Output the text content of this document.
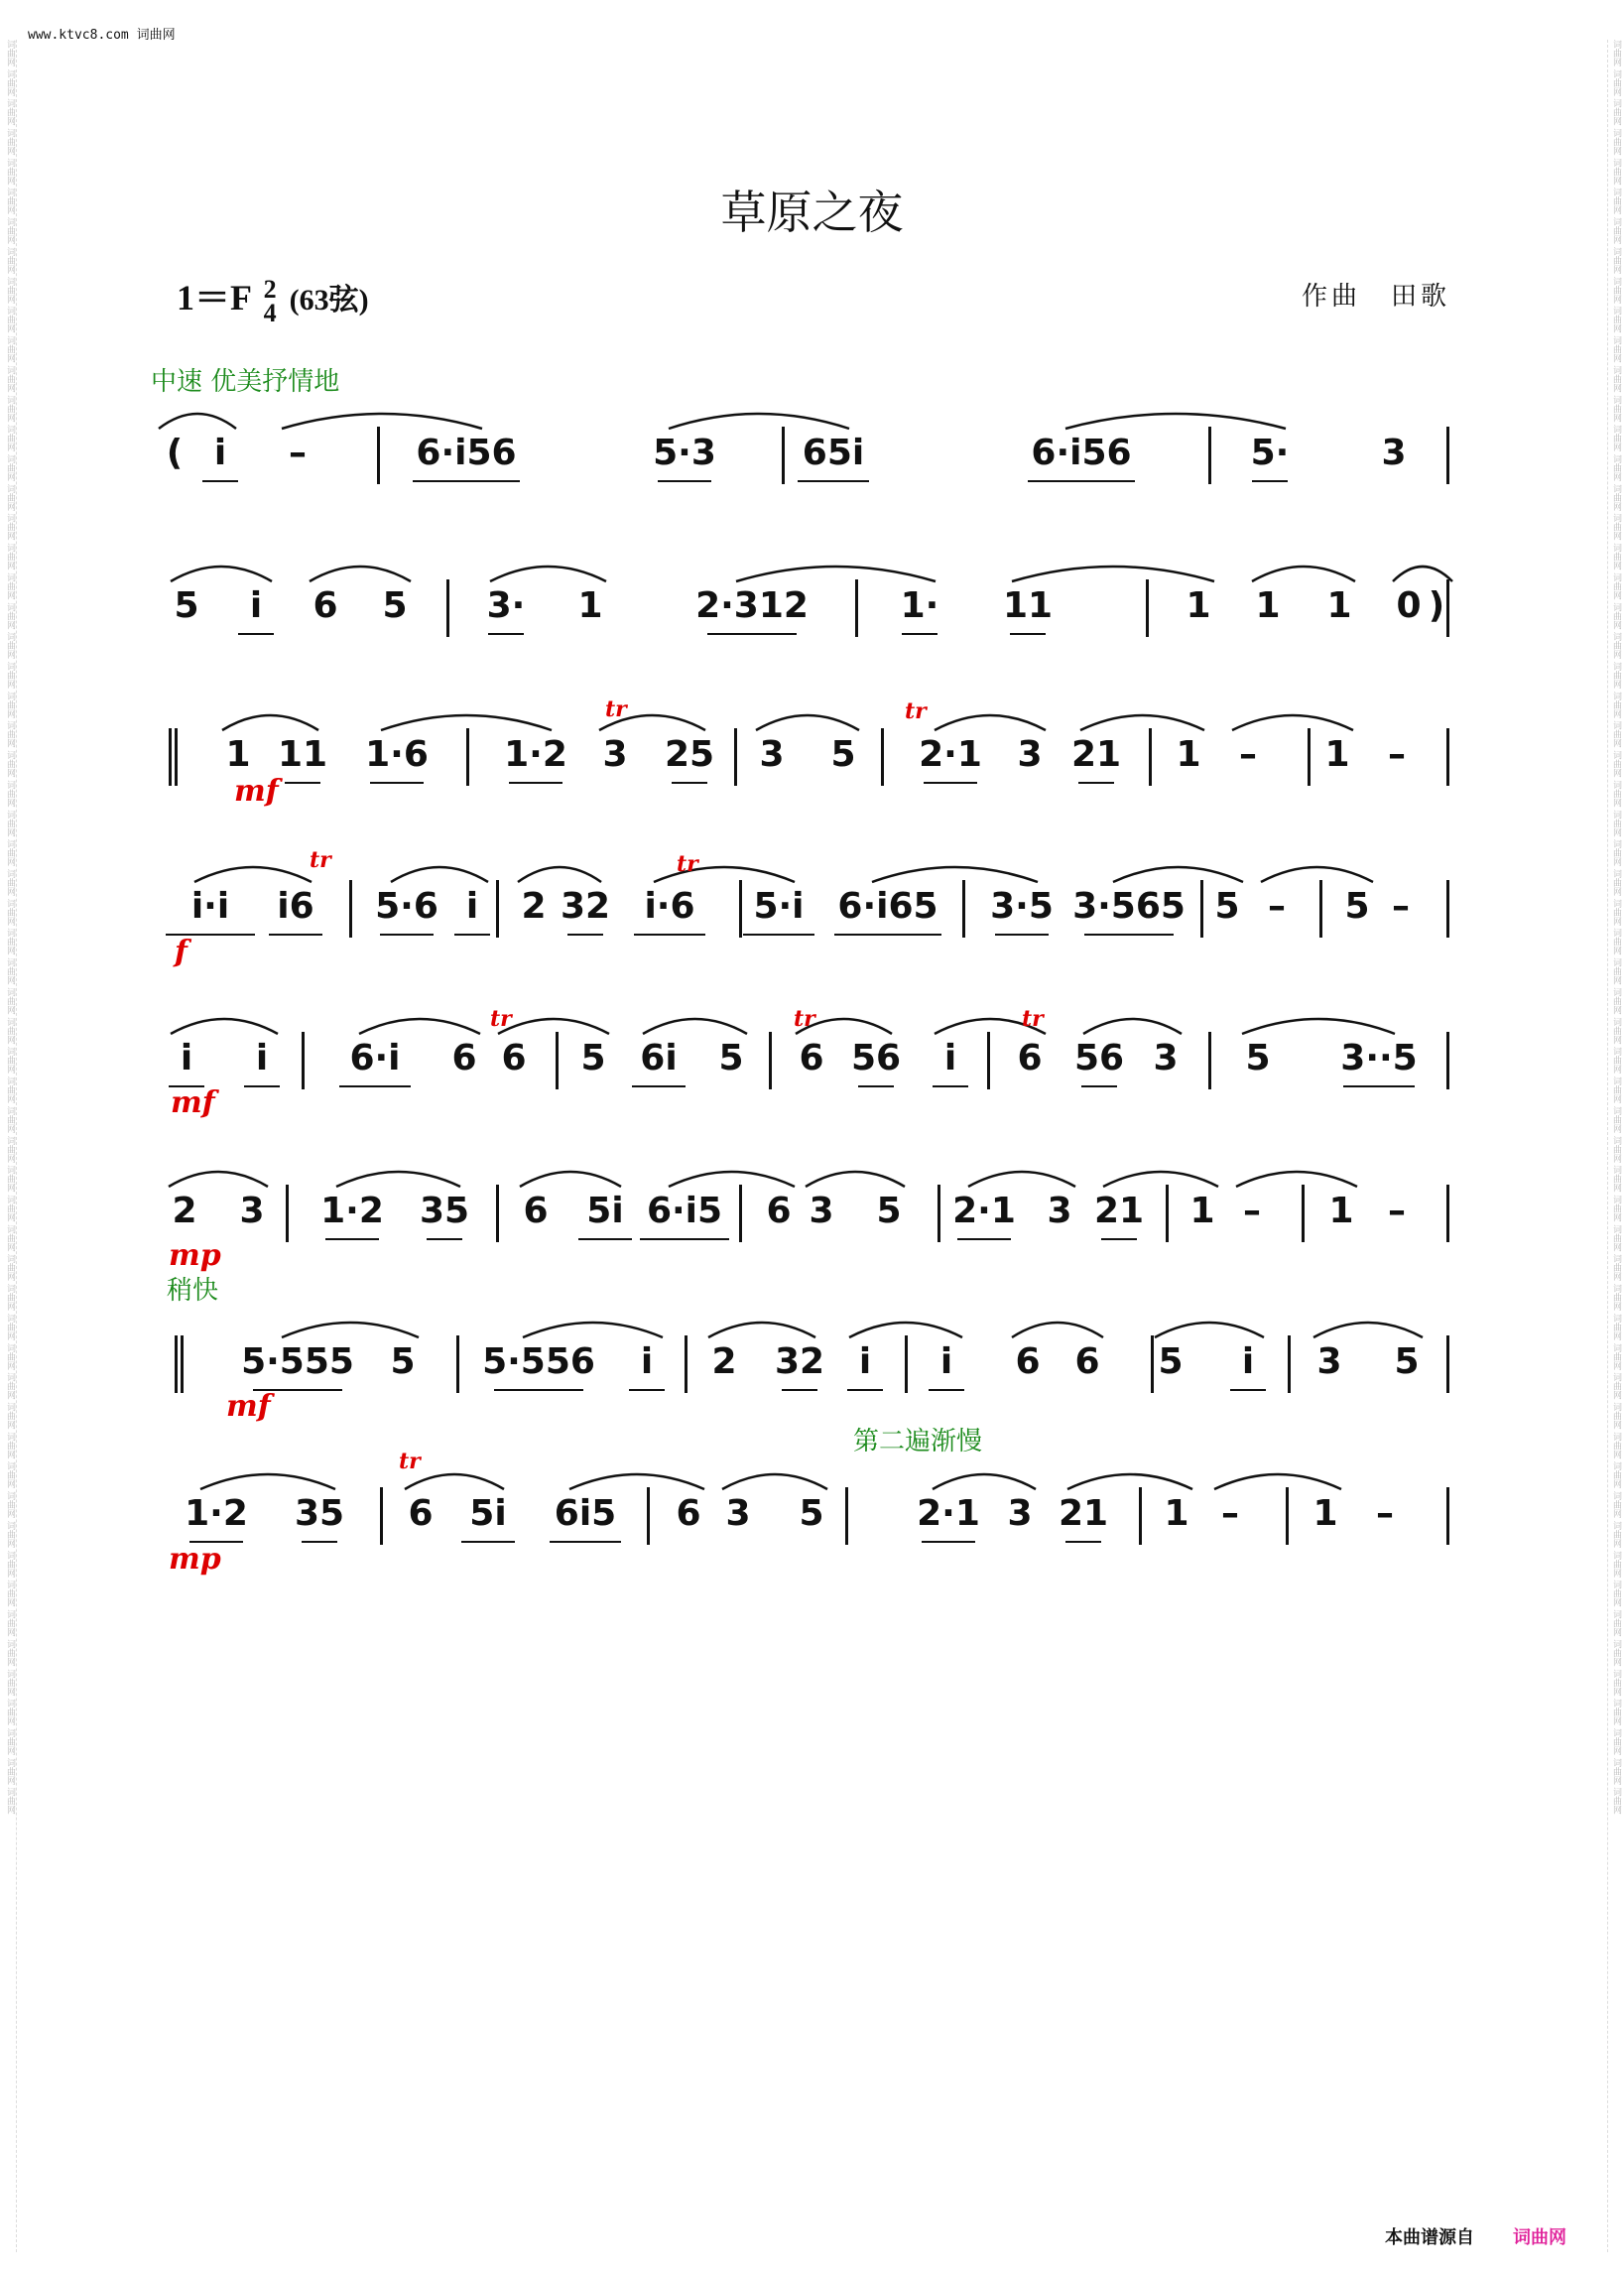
词曲网 词曲网 词曲网 词曲网 词曲网 词曲网 词曲网 词曲网 词曲网 词曲网 词曲网 词曲网 词曲网 词曲网 词曲网 词曲网 词曲网 词曲网 词曲网 词曲网 词曲网 词曲网 词曲网 词曲网 词曲网 词曲网 词曲网 词曲网 词曲网 词曲网 词曲网 词曲网 词曲网 词曲网 词曲网 词曲网 词曲网 词曲网 词曲网 词曲网 词曲网 词曲网 词曲网 词曲网 词曲网 词曲网 词曲网 词曲网 词曲网 词曲网 词曲网 词曲网 词曲网 词曲网 词曲网 词曲网 词曲网 词曲网 词曲网 词曲网	词曲网 词曲网 词曲网 词曲网 词曲网 词曲网 词曲网 词曲网 词曲网 词曲网 词曲网 词曲网 词曲网 词曲网 词曲网 词曲网 词曲网 词曲网 词曲网 词曲网 词曲网 词曲网 词曲网 词曲网 词曲网 词曲网 词曲网 词曲网 词曲网 词曲网 词曲网 词曲网 词曲网 词曲网 词曲网 词曲网 词曲网 词曲网 词曲网 词曲网 词曲网 词曲网 词曲网 词曲网 词曲网 词曲网 词曲网 词曲网 词曲网 词曲网 词曲网 词曲网 词曲网 词曲网 词曲网 词曲网 词曲网 词曲网 词曲网 词曲网
www.ktvc8.com 词曲网
草原之夜
1＝F 2
4 (63弦)	作曲　田歌
中速 优美抒情地
稍快
第二遍渐慢
( i̇ –	6·i̇56	5·3 65i̇	6·i̇56	5·	3
5 i̇ 6 5 3· 1	2·312	1· 11	1 1 1 0 )
1 11 1·6 1·2 3 25 3 5 2·1 3 21 1 – 1 –
i̇·i̇ i̇6 5·6 i̇ 2 32 i̇·6 5·i̇ 6·i̇65 3·5 3·565 5 – 5 –
i̇ i̇ 6·i̇ 6 6 5 6i̇ 5 6 56 i̇ 6 56 3 5 3··5
2 3 1·2 35 6 5i̇ 6·i̇5 6 3 5 2·1 3 21 1 – 1 –
5·555 5 5·556 i̇ 2 32 i̇ i̇ 6 6 5 i̇ 3 5
1·2 35 6 5i̇ 6i̇5 6 3 5	2·1 3 21 1 – 1 –
本曲谱源自 词曲网
mf
f
mf
mp
mf
mp
tr	tr
tr	tr
tr	tr	tr
tr
